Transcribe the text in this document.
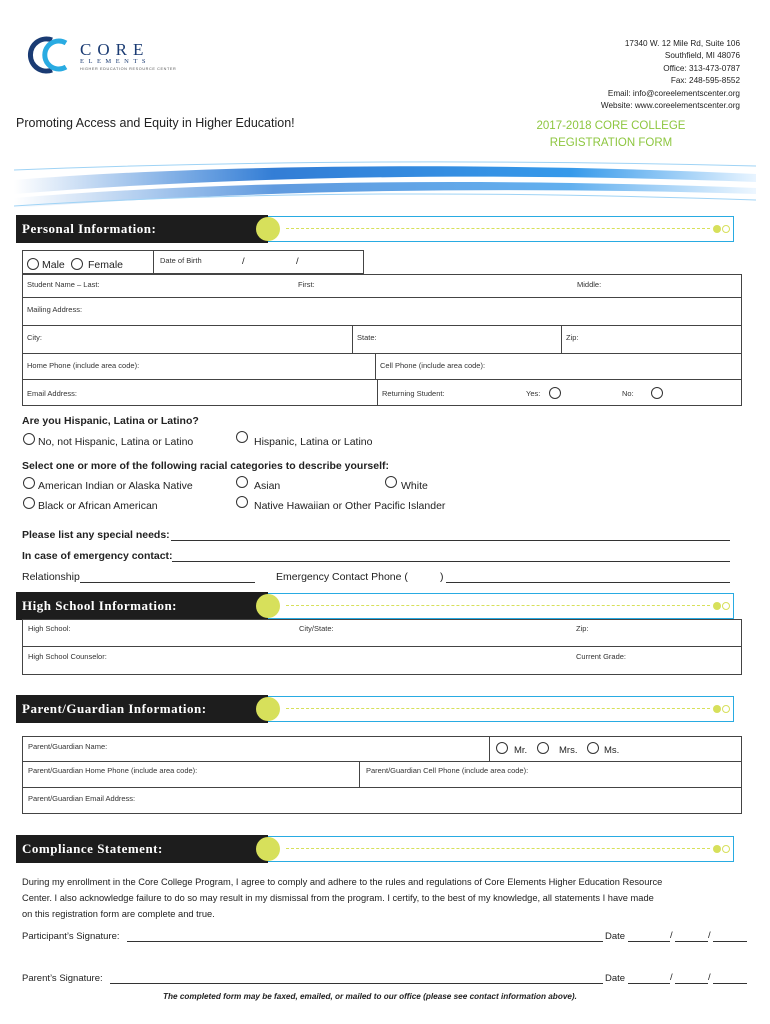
CORE
ELEMENTS
HIGHER EDUCATION RESOURCE CENTER
17340 W. 12 Mile Rd, Suite 106
Southfield, MI 48076
Office: 313-473-0787
Fax: 248-595-8552
Email: info@coreelementscenter.org
Website: www.coreelementscenter.org
Promoting Access and Equity in Higher Education!	2017-2018 CORE COLLEGE
REGISTRATION FORM
Personal Information:
Male Female	Date of Birth	/	/
Student Name – Last:	First:	Middle:
Mailing Address:
City:	State:	Zip:
Home Phone (include area code):	Cell Phone (include area code):
Email Address:	Returning Student:	Yes:	No:
Are you Hispanic, Latina or Latino?
No, not Hispanic, Latina or Latino	Hispanic, Latina or Latino
Select one or more of the following racial categories to describe yourself:
American Indian or Alaska Native	Asian	White
Black or African American	Native Hawaiian or Other Pacific Islander
Please list any special needs:
In case of emergency contact:
Relationship	Emergency Contact Phone (	)
High School Information:
High School:	City/State:	Zip:
High School Counselor:	Current Grade:
Parent/Guardian Information:
Parent/Guardian Name:	Mr.	Mrs.	Ms.
Parent/Guardian Home Phone (include area code):	Parent/Guardian Cell Phone (include area code):
Parent/Guardian Email Address:
Compliance Statement:
During my enrollment in the Core College Program, I agree to comply and adhere to the rules and regulations of Core Elements Higher Education Resource
Center. I also acknowledge failure to do so may result in my dismissal from the program. I certify, to the best of my knowledge, all statements I have made
on this registration form are complete and true.
Participant’s Signature:	Date	/	/
Parent’s Signature:	Date	/	/
The completed form may be faxed, emailed, or mailed to our office (please see contact information above).
